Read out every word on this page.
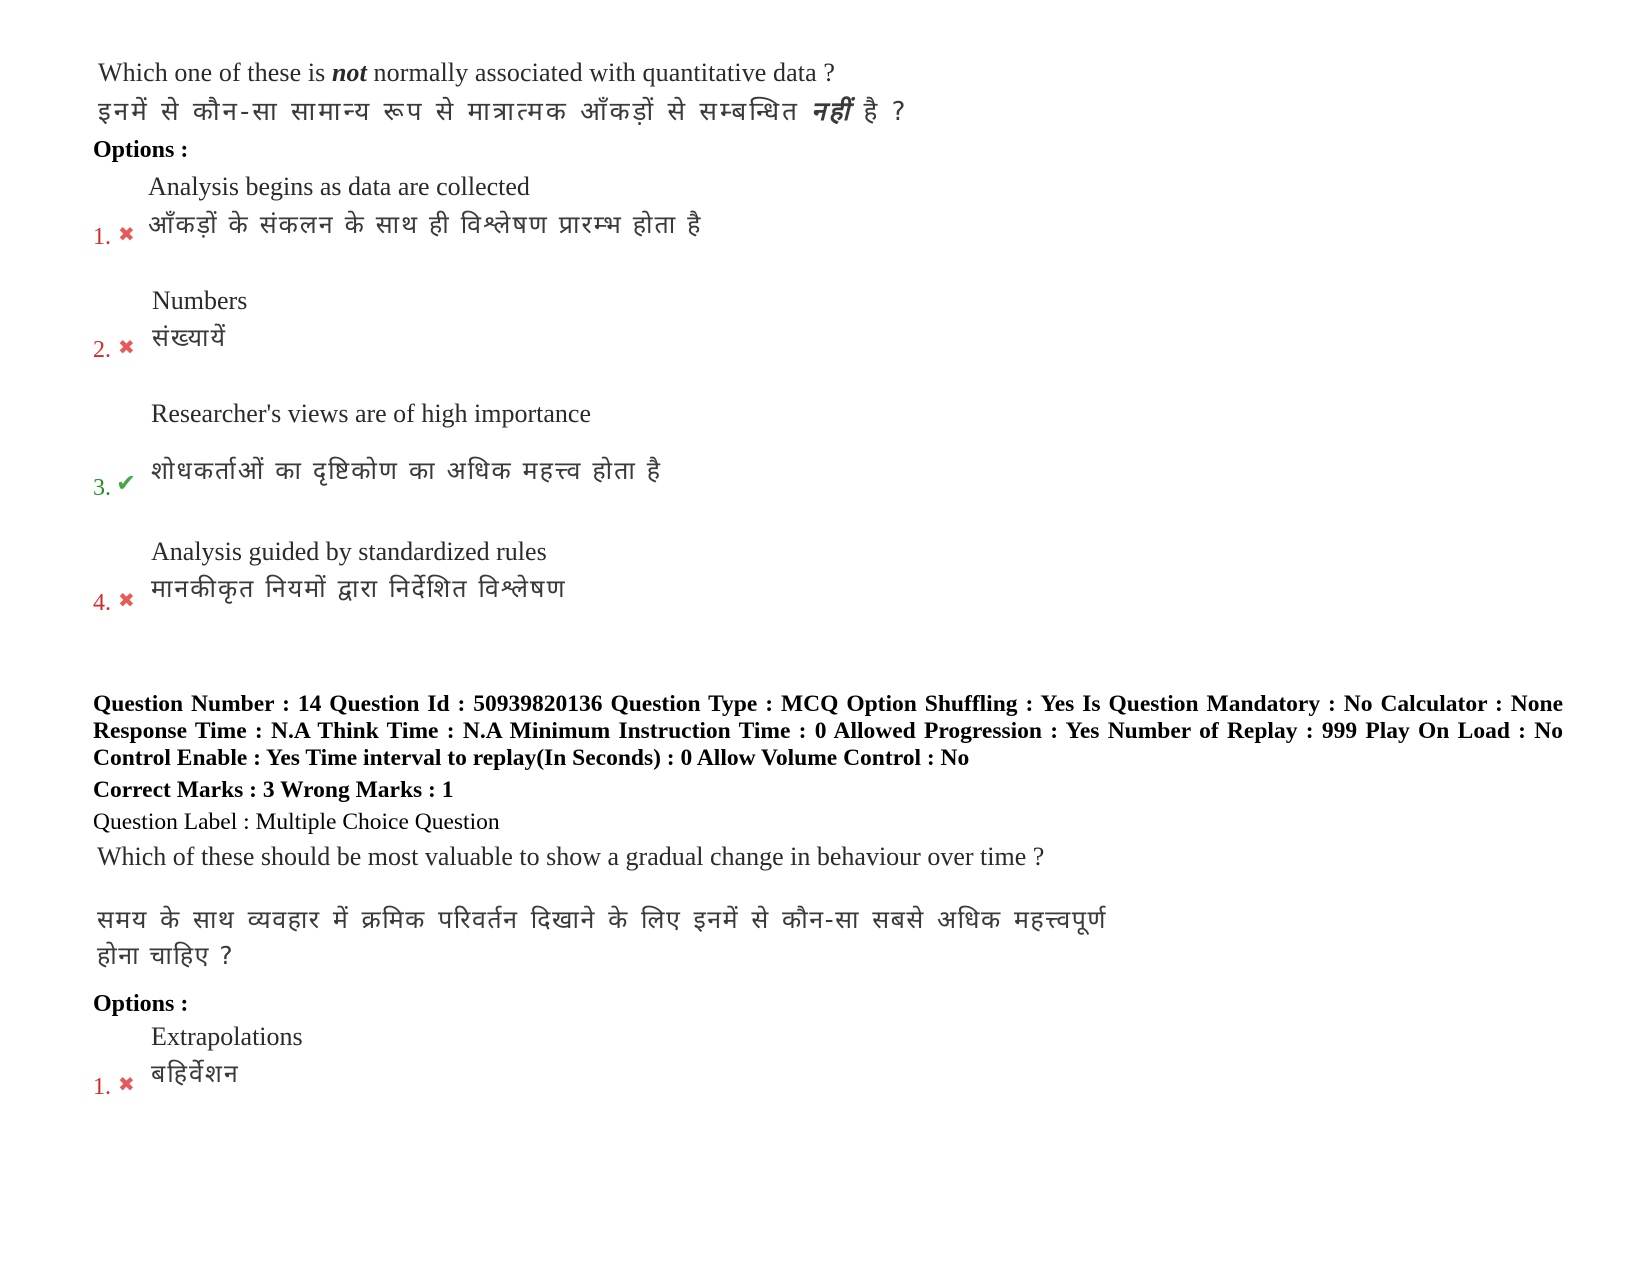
Which one of these is not normally associated with quantitative data ?
इनमें से कौन-सा सामान्य रूप से मात्रात्मक आँकड़ों से सम्बन्धित नहीं है ?
Options :
Analysis begins as data are collected
आँकड़ों के संकलन के साथ ही विश्लेषण प्रारम्भ होता है
1. ✖
Numbers
संख्यायें
2. ✖
Researcher's views are of high importance
शोधकर्ताओं का दृष्टिकोण का अधिक महत्त्व होता है
3. ✔
Analysis guided by standardized rules
मानकीकृत नियमों द्वारा निर्देशित विश्लेषण
4. ✖
Question Number : 14 Question Id : 50939820136 Question Type : MCQ Option Shuffling : Yes Is Question Mandatory : No Calculator : None Response Time : N.A Think Time : N.A Minimum Instruction Time : 0 Allowed Progression : Yes Number of Replay : 999 Play On Load : No Control Enable : Yes Time interval to replay(In Seconds) : 0 Allow Volume Control : No
Correct Marks : 3 Wrong Marks : 1
Question Label : Multiple Choice Question
Which of these should be most valuable to show a gradual change in behaviour over time ?
समय के साथ व्यवहार में क्रमिक परिवर्तन दिखाने के लिए इनमें से कौन-सा सबसे अधिक महत्त्वपूर्ण होना चाहिए ?
Options :
Extrapolations
बहिर्वेशन
1. ✖
